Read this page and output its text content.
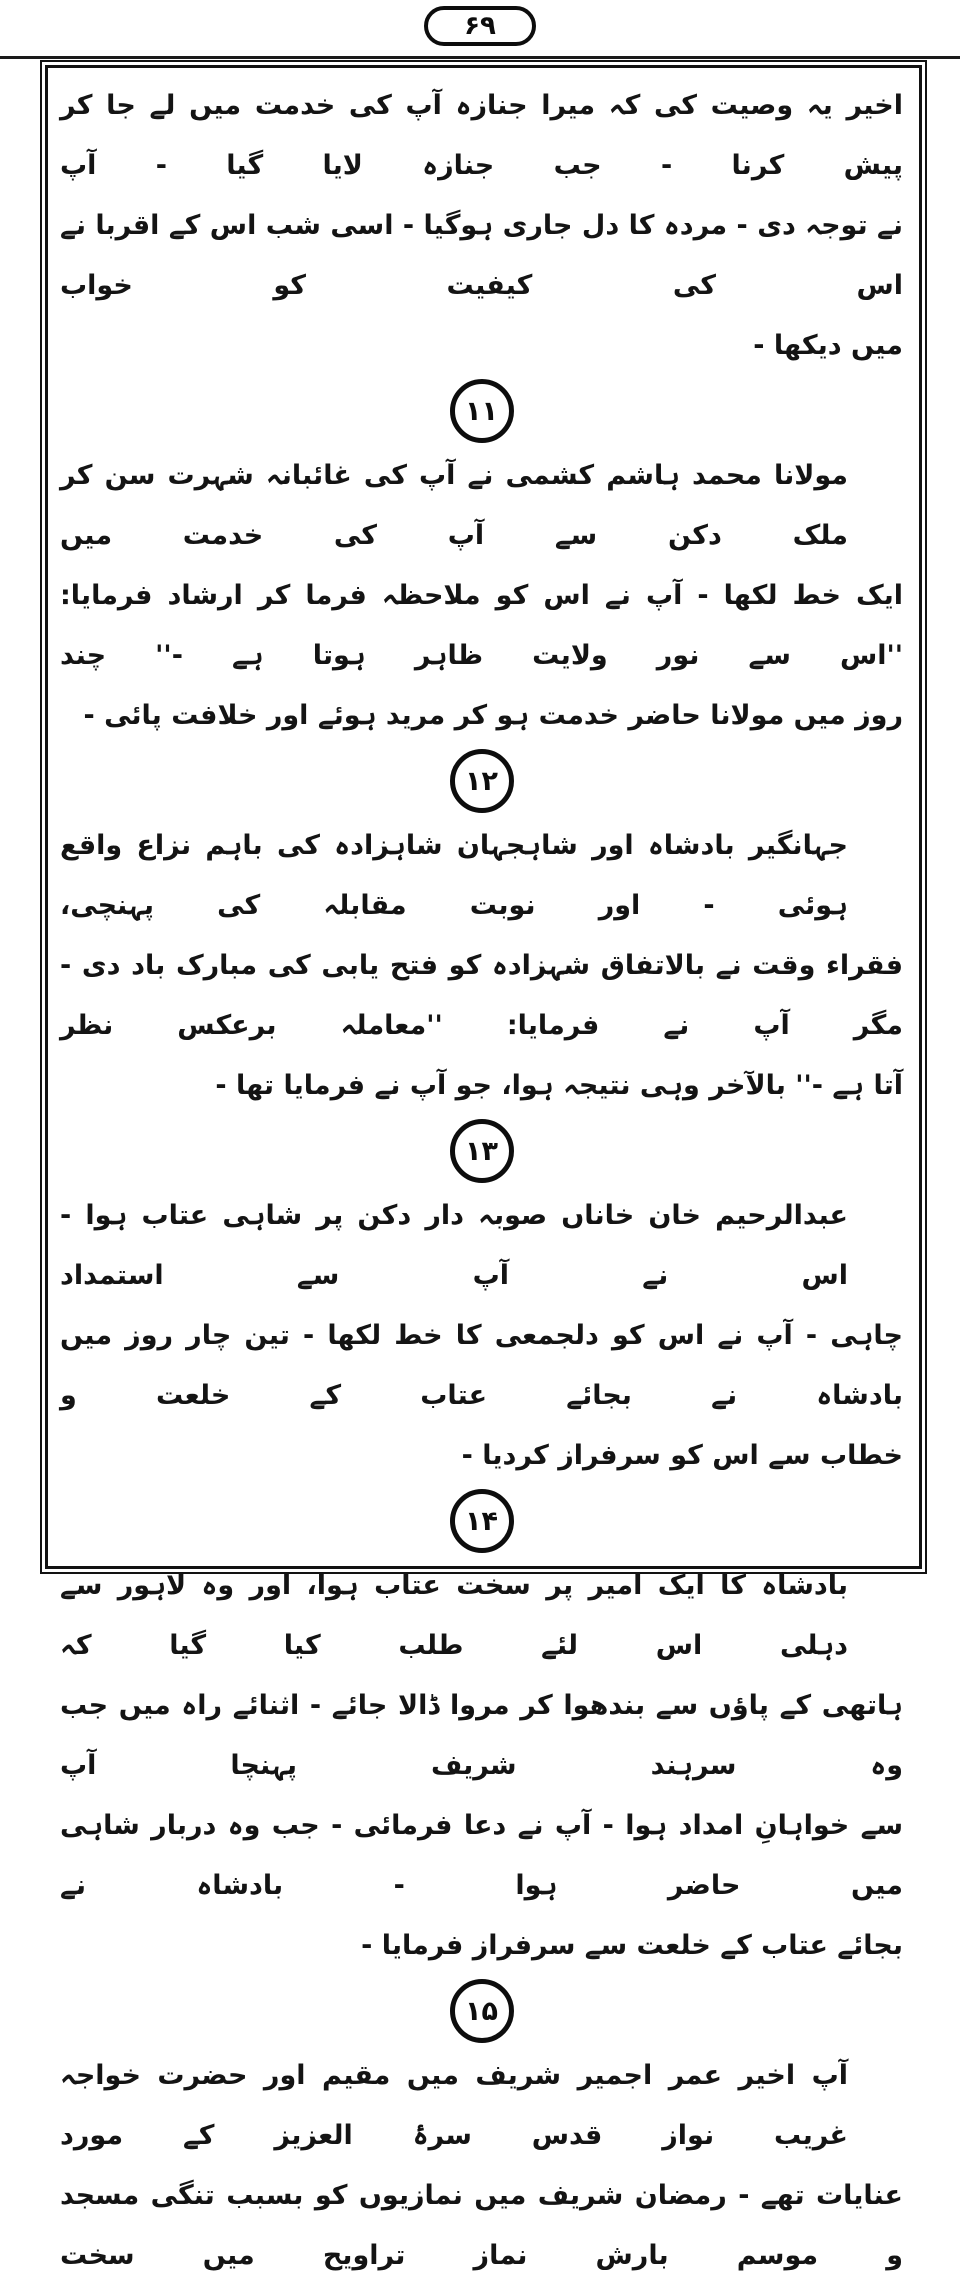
۶۹
اخیر یہ وصیت کی کہ میرا جنازہ آپ کی خدمت میں لے جا کر پیش کرنا - جب جنازہ لایا گیا - آپ
نے توجہ دی - مردہ کا دل جاری ہوگیا - اسی شب اس کے اقربا نے اس کی کیفیت کو خواب
میں دیکھا -
۱۱
مولانا محمد ہاشم کشمی نے آپ کی غائبانہ شہرت سن کر ملک دکن سے آپ کی خدمت میں
ایک خط لکھا - آپ نے اس کو ملاحظہ فرما کر ارشاد فرمایا: ''اس سے نور ولایت ظاہر ہوتا ہے -'' چند
روز میں مولانا حاضر خدمت ہو کر مرید ہوئے اور خلافت پائی -
۱۲
جہانگیر بادشاہ اور شاہجہان شاہزادہ کی باہم نزاع واقع ہوئی - اور نوبت مقابلہ کی پہنچی،
فقراء وقت نے بالاتفاق شہزادہ کو فتح یابی کی مبارک باد دی - مگر آپ نے فرمایا: ''معاملہ برعکس نظر
آتا ہے -'' بالآخر وہی نتیجہ ہوا، جو آپ نے فرمایا تھا -
۱۳
عبدالرحیم خان خاناں صوبہ دار دکن پر شاہی عتاب ہوا - اس نے آپ سے استمداد
چاہی - آپ نے اس کو دلجمعی کا خط لکھا - تین چار روز میں بادشاہ نے بجائے عتاب کے خلعت و
خطاب سے اس کو سرفراز کردیا -
۱۴
بادشاہ کا ایک امیر پر سخت عتاب ہوا، اور وہ لاہور سے دہلی اس لئے طلب کیا گیا کہ
ہاتھی کے پاؤں سے بندھوا کر مروا ڈالا جائے - اثنائے راہ میں جب وہ سرہند شریف پہنچا آپ
سے خواہانِ امداد ہوا - آپ نے دعا فرمائی - جب وہ دربار شاہی میں حاضر ہوا - بادشاہ نے
بجائے عتاب کے خلعت سے سرفراز فرمایا -
۱۵
آپ اخیر عمر اجمیر شریف میں مقیم اور حضرت خواجہ غریب نواز قدس سرۂ العزیز کے مورد
عنایات تھے - رمضان شریف میں نمازیوں کو بسبب تنگی مسجد و موسم بارش نماز تراویح میں سخت
